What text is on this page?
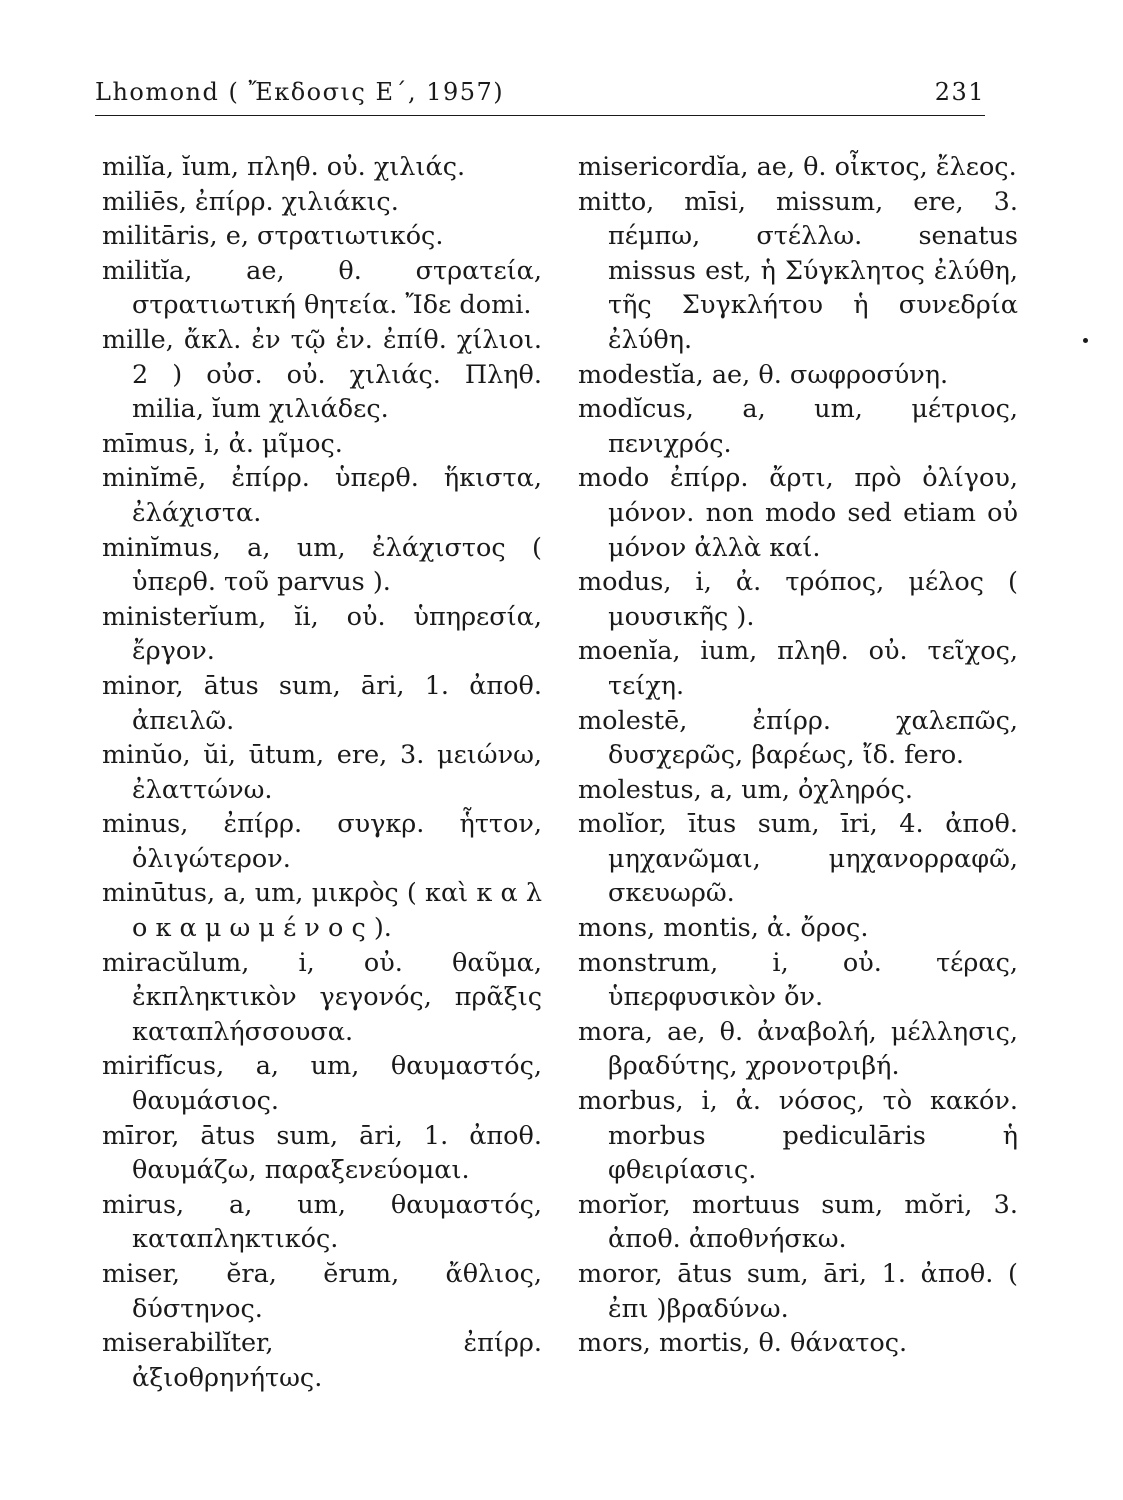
Lhomond ( Ἔκδοσις Ε΄, 1957)	231

milĭa, ĭum, πληθ. οὐ. χιλιάς.

miliēs, ἐπίρρ. χιλιάκις.

militāris, e, στρατιωτικός.

militĭa, ae, θ. στρατεία, στρατιωτική θητεία. Ἴδε domi.

mille, ἄκλ. ἐν τῷ ἑν. ἐπίθ. χίλιοι. 2 ) οὐσ. οὐ. χιλιάς. Πληθ. milia, ĭum χιλιάδες.

mīmus, i, ἀ. μῖμος.

minĭmē, ἐπίρρ. ὑπερθ. ἥκιστα, ἐλάχιστα.

minĭmus, a, um, ἐλάχιστος ( ὑπερθ. τοῦ parvus ).

ministerĭum, ĭi, οὐ. ὑπηρεσία, ἔργον.

minor, ātus sum, āri, 1. ἀποθ. ἀπειλῶ.

minŭo, ŭi, ūtum, ere, 3. μειώνω, ἐλαττώνω.

minus, ἐπίρρ. συγκρ. ἧττον, ὀλιγώτερον.

minūtus, a, um, μικρὸς ( καὶ κ α λ ο κ α μ ω μ έ ν ο ς ).

miracŭlum, i, οὐ. θαῦμα, ἐκπληκτικὸν γεγονός, πρᾶξις καταπλήσσουσα.

mirifĭcus, a, um, θαυμαστός, θαυμάσιος.

mīror, ātus sum, āri, 1. ἀποθ. θαυμάζω, παραξενεύομαι.

mirus, a, um, θαυμαστός, καταπληκτικός.

miser, ĕra, ĕrum, ἄθλιος, δύστηνος.

miserabilĭter, ἐπίρρ. ἀξιοθρηνήτως.

misericordĭa, ae, θ. οἶκτος, ἔλεος.

mitto, mīsi, missum, ere, 3. πέμπω, στέλλω. senatus missus est, ἡ Σύγκλητος ἐλύθη, τῆς Συγκλήτου ἡ συνεδρία ἐλύθη.

modestĭa, ae, θ. σωφροσύνη.

modĭcus, a, um, μέτριος, πενιχρός.

modo ἐπίρρ. ἄρτι, πρὸ ὀλίγου, μόνον. non modo sed etiam οὐ μόνον ἀλλὰ καί.

modus, i, ἀ. τρόπος, μέλος ( μουσικῆς ).

moenĭa, ium, πληθ. οὐ. τεῖχος, τείχη.

molestē, ἐπίρρ. χαλεπῶς, δυσχερῶς, βαρέως, ἴδ. fero.

molestus, a, um, ὀχληρός.

molĭor, ītus sum, īri, 4. ἀποθ. μηχανῶμαι, μηχανορραφῶ, σκευωρῶ.

mons, montis, ἀ. ὄρος.

monstrum, i, οὐ. τέρας, ὑπερφυσικὸν ὄν.

mora, ae, θ. ἀναβολή, μέλλησις, βραδύτης, χρονοτριβή.

morbus, i, ἀ. νόσος, τὸ κακόν. morbus pediculāris ἡ φθειρίασις.

morĭor, mortuus sum, mŏri, 3. ἀποθ. ἀποθνήσκω.

moror, ātus sum, āri, 1. ἀποθ. ( ἐπι )βραδύνω.

mors, mortis, θ. θάνατος.
